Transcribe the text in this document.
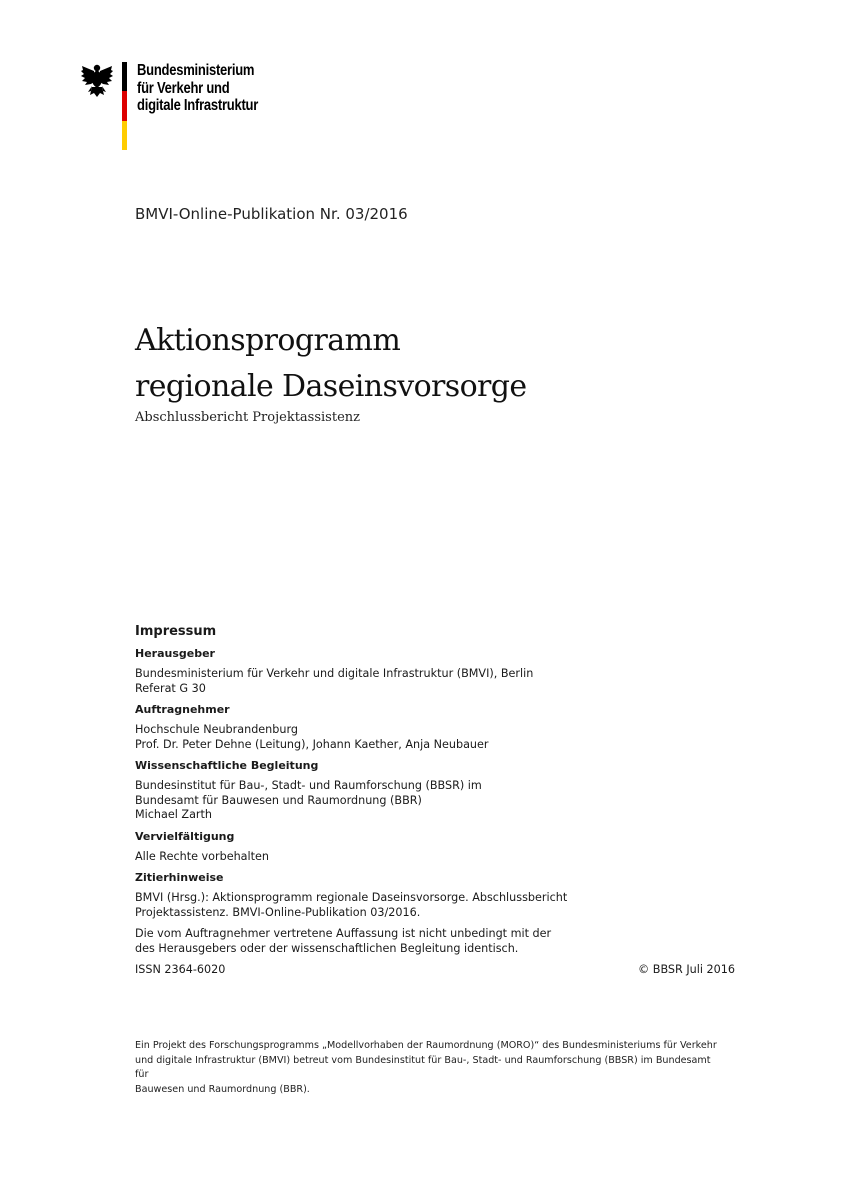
Bundesministerium
für Verkehr und
digitale Infrastruktur
BMVI-Online-Publikation Nr. 03/2016
Aktionsprogramm
regionale Daseinsvorsorge
Abschlussbericht Projektassistenz
Impressum
Herausgeber
Bundesministerium für Verkehr und digitale Infrastruktur (BMVI), Berlin
Referat G 30
Auftragnehmer
Hochschule Neubrandenburg
Prof. Dr. Peter Dehne (Leitung), Johann Kaether, Anja Neubauer
Wissenschaftliche Begleitung
Bundesinstitut für Bau-, Stadt- und Raumforschung (BBSR) im
Bundesamt für Bauwesen und Raumordnung (BBR)
Michael Zarth
Vervielfältigung
Alle Rechte vorbehalten
Zitierhinweise
BMVI (Hrsg.): Aktionsprogramm regionale Daseinsvorsorge. Abschlussbericht
Projektassistenz. BMVI-Online-Publikation 03/2016.
Die vom Auftragnehmer vertretene Auffassung ist nicht unbedingt mit der
des Herausgebers oder der wissenschaftlichen Begleitung identisch.
ISSN 2364-6020	© BBSR Juli 2016
Ein Projekt des Forschungsprogramms „Modellvorhaben der Raumordnung (MORO)“ des Bundesministeriums für Verkehr
und digitale Infrastruktur (BMVI) betreut vom Bundesinstitut für Bau-, Stadt- und Raumforschung (BBSR) im Bundesamt für
Bauwesen und Raumordnung (BBR).
